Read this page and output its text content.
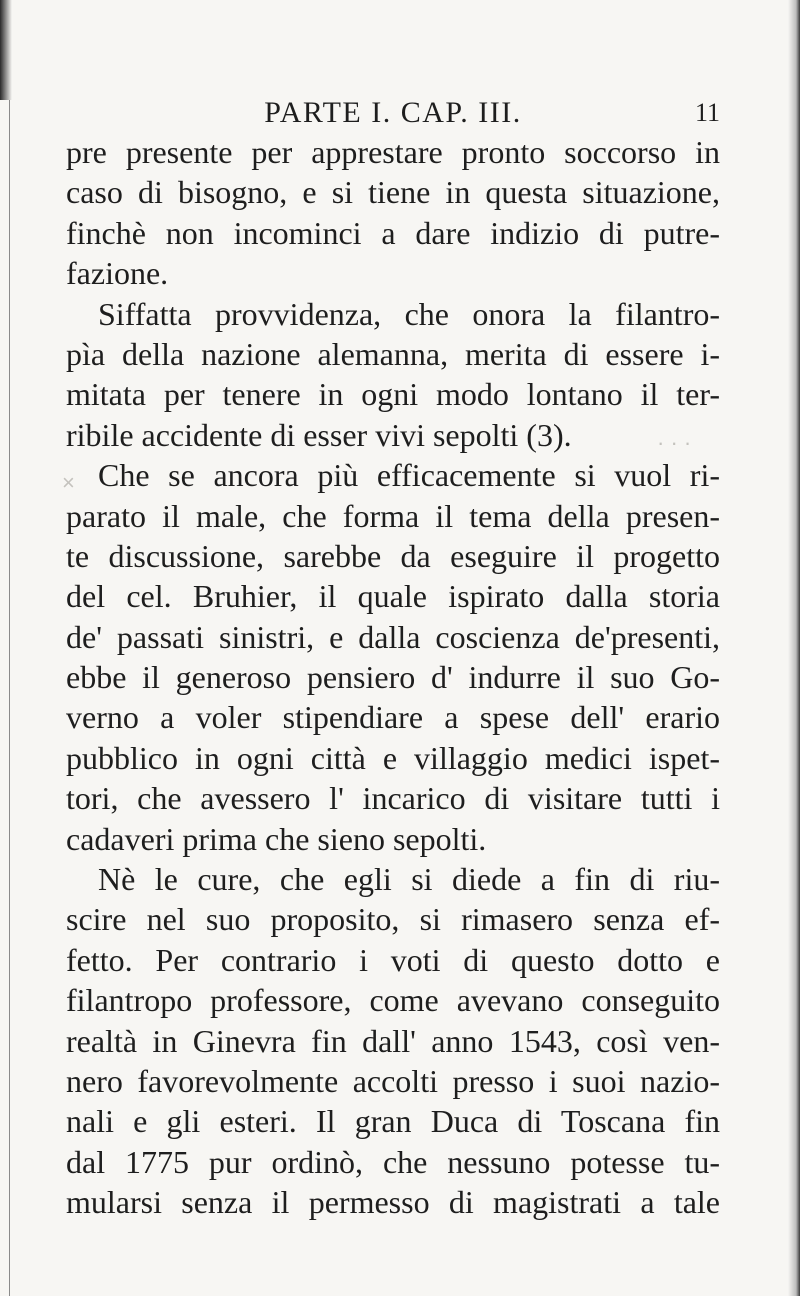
PARTE I. CAP. III.	11
· · ·
×
pre presente per apprestare pronto soccorso in
caso di bisogno, e si tiene in questa situazione,
finchè non incominci a dare indizio di putre-
fazione.
Siffatta provvidenza, che onora la filantro-
pìa della nazione alemanna, merita di essere i-
mitata per tenere in ogni modo lontano il ter-
ribile accidente di esser vivi sepolti (3).
Che se ancora più efficacemente si vuol ri-
parato il male, che forma il tema della presen-
te discussione, sarebbe da eseguire il progetto
del cel. Bruhier, il quale ispirato dalla storia
de' passati sinistri, e dalla coscienza de'presenti,
ebbe il generoso pensiero d' indurre il suo Go-
verno a voler stipendiare a spese dell' erario
pubblico in ogni città e villaggio medici ispet-
tori, che avessero l' incarico di visitare tutti i
cadaveri prima che sieno sepolti.
Nè le cure, che egli si diede a fin di riu-
scire nel suo proposito, si rimasero senza ef-
fetto. Per contrario i voti di questo dotto e
filantropo professore, come avevano conseguito
realtà in Ginevra fin dall' anno 1543, così ven-
nero favorevolmente accolti presso i suoi nazio-
nali e gli esteri. Il gran Duca di Toscana fin
dal 1775 pur ordinò, che nessuno potesse tu-
mularsi senza il permesso di magistrati a tale
